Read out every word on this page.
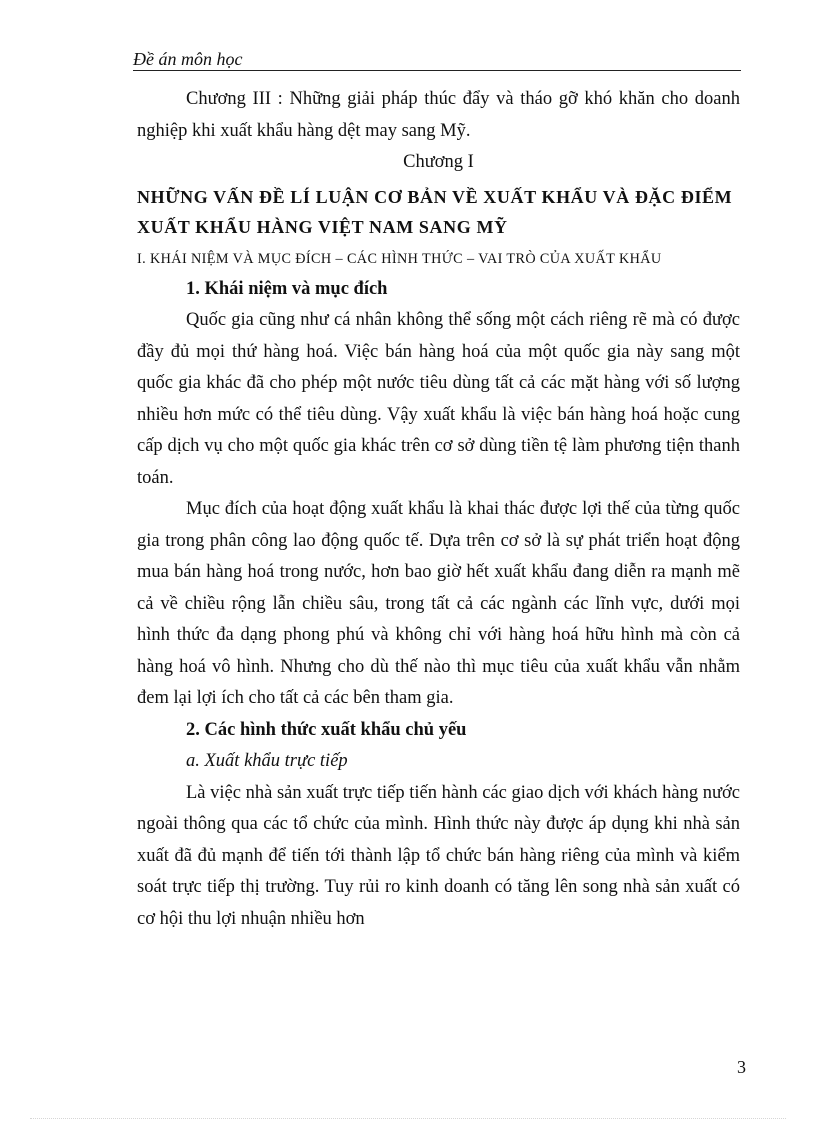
Đề án môn học

Chương III : Những giải pháp thúc đẩy và tháo gỡ khó khăn cho doanh nghiệp khi xuất khẩu hàng dệt may sang Mỹ.

Chương I

NHỮNG VẤN ĐỀ LÍ LUẬN CƠ BẢN VỀ XUẤT KHẨU VÀ ĐẶC ĐIỂM XUẤT KHẨU HÀNG VIỆT NAM SANG MỸ

I. KHÁI NIỆM VÀ MỤC ĐÍCH – CÁC HÌNH THỨC – VAI TRÒ CỦA XUẤT KHẨU

1. Khái niệm và mục đích

Quốc gia cũng như cá nhân không thể sống một cách riêng rẽ mà có được đầy đủ mọi thứ hàng hoá. Việc bán hàng hoá của một quốc gia này sang một quốc gia khác đã cho phép một nước tiêu dùng tất cả các mặt hàng với số lượng nhiều hơn mức có thể tiêu dùng. Vậy xuất khẩu là việc bán hàng hoá hoặc cung cấp dịch vụ cho một quốc gia khác trên cơ sở dùng tiền tệ làm phương tiện thanh toán.

Mục đích của hoạt động xuất khẩu là khai thác được lợi thế của từng quốc gia trong phân công lao động quốc tế. Dựa trên cơ sở là sự phát triển hoạt động mua bán hàng hoá trong nước, hơn bao giờ hết xuất khẩu đang diễn ra mạnh mẽ cả về chiều rộng lẫn chiều sâu, trong tất cả các ngành các lĩnh vực, dưới mọi hình thức đa dạng phong phú và không chỉ với hàng hoá hữu hình mà còn cả hàng hoá vô hình. Nhưng cho dù thế nào thì mục tiêu của xuất khẩu vẫn nhằm đem lại lợi ích cho tất cả các bên tham gia.

2. Các hình thức xuất khẩu chủ yếu

a. Xuất khẩu trực tiếp

Là việc nhà sản xuất trực tiếp tiến hành các giao dịch với khách hàng nước ngoài thông qua các tổ chức của mình. Hình thức này được áp dụng khi nhà sản xuất đã đủ mạnh để tiến tới thành lập tổ chức bán hàng riêng của mình và kiểm soát trực tiếp thị trường. Tuy rủi ro kinh doanh có tăng lên song nhà sản xuất có cơ hội thu lợi nhuận nhiều hơn

3
